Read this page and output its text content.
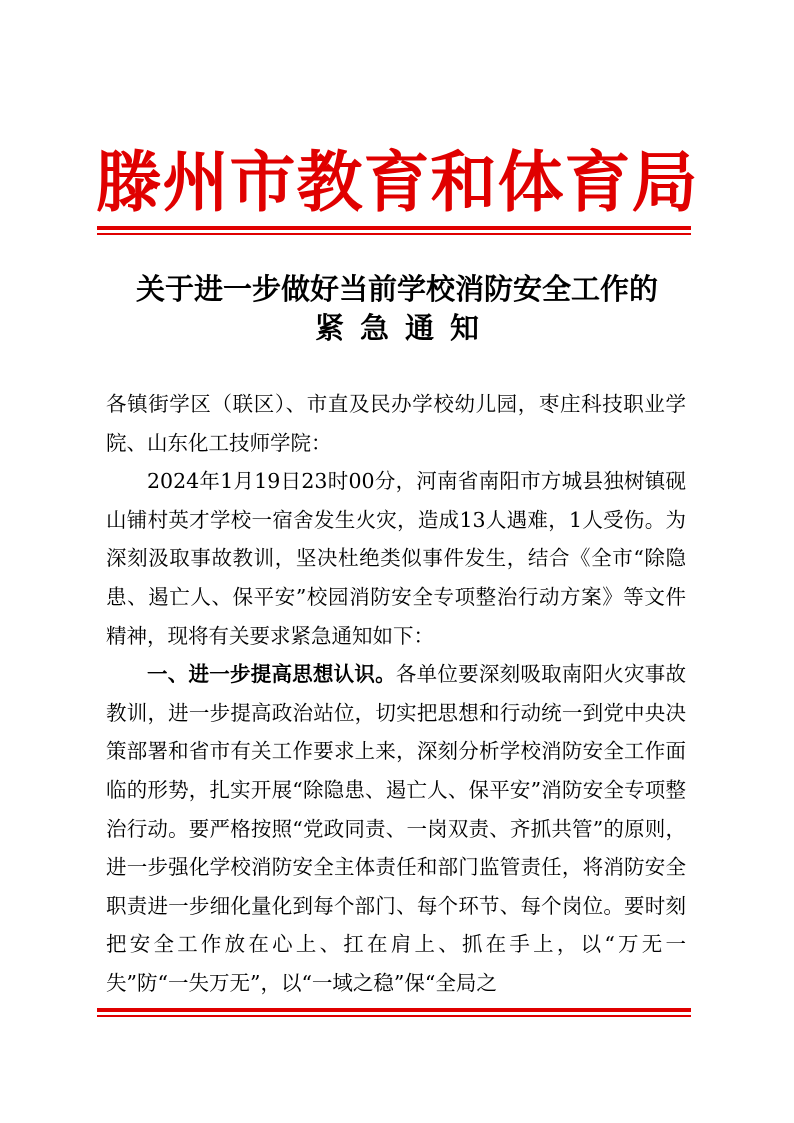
滕州市教育和体育局
关于进一步做好当前学校消防安全工作的
紧急通知

各镇街学区（联区）、市直及民办学校幼儿园，枣庄科技职业学院、山东化工技师学院：

2024年1月19日23时00分，河南省南阳市方城县独树镇砚山铺村英才学校一宿舍发生火灾，造成13人遇难，1人受伤。为深刻汲取事故教训，坚决杜绝类似事件发生，结合《全市“除隐患、遏亡人、保平安”校园消防安全专项整治行动方案》等文件精神，现将有关要求紧急通知如下：

一、进一步提高思想认识。各单位要深刻吸取南阳火灾事故教训，进一步提高政治站位，切实把思想和行动统一到党中央决策部署和省市有关工作要求上来，深刻分析学校消防安全工作面临的形势，扎实开展“除隐患、遏亡人、保平安”消防安全专项整治行动。要严格按照“党政同责、一岗双责、齐抓共管”的原则，进一步强化学校消防安全主体责任和部门监管责任，将消防安全职责进一步细化量化到每个部门、每个环节、每个岗位。要时刻把安全工作放在心上、扛在肩上、抓在手上，以“万无一失”防“一失万无”，以“一域之稳”保“全局之
